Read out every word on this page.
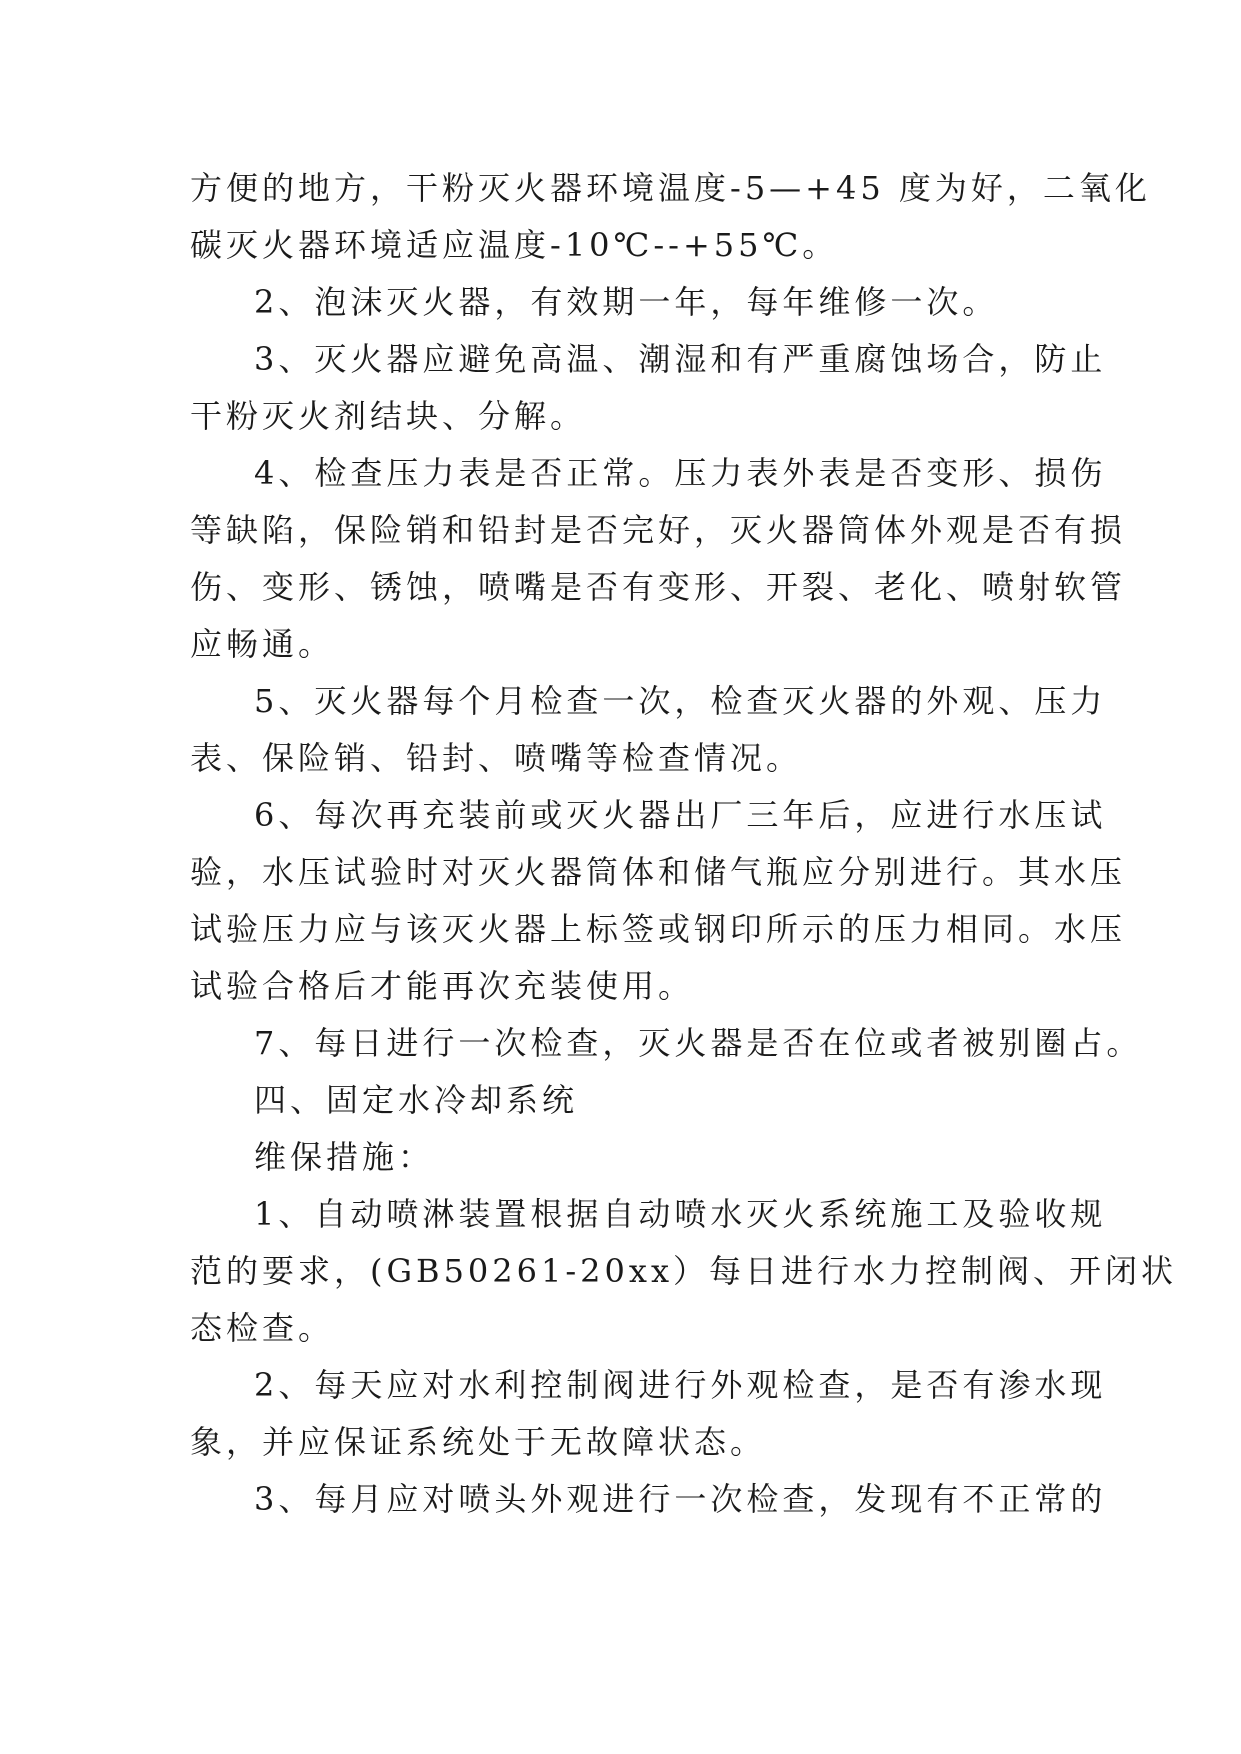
方便的地方，干粉灭火器环境温度-5—+45 度为好，二氧化
碳灭火器环境适应温度-10℃--+55℃。

2、泡沫灭火器，有效期一年，每年维修一次。

3、灭火器应避免高温、潮湿和有严重腐蚀场合，防止
干粉灭火剂结块、分解。

4、检查压力表是否正常。压力表外表是否变形、损伤
等缺陷，保险销和铅封是否完好，灭火器筒体外观是否有损
伤、变形、锈蚀，喷嘴是否有变形、开裂、老化、喷射软管
应畅通。

5、灭火器每个月检查一次，检查灭火器的外观、压力
表、保险销、铅封、喷嘴等检查情况。

6、每次再充装前或灭火器出厂三年后，应进行水压试
验，水压试验时对灭火器筒体和储气瓶应分别进行。其水压
试验压力应与该灭火器上标签或钢印所示的压力相同。水压
试验合格后才能再次充装使用。

7、每日进行一次检查，灭火器是否在位或者被别圈占。

四、固定水冷却系统

维保措施：

1、自动喷淋装置根据自动喷水灭火系统施工及验收规
范的要求，(GB50261-20xx）每日进行水力控制阀、开闭状
态检查。

2、每天应对水利控制阀进行外观检查，是否有渗水现
象，并应保证系统处于无故障状态。

3、每月应对喷头外观进行一次检查，发现有不正常的
